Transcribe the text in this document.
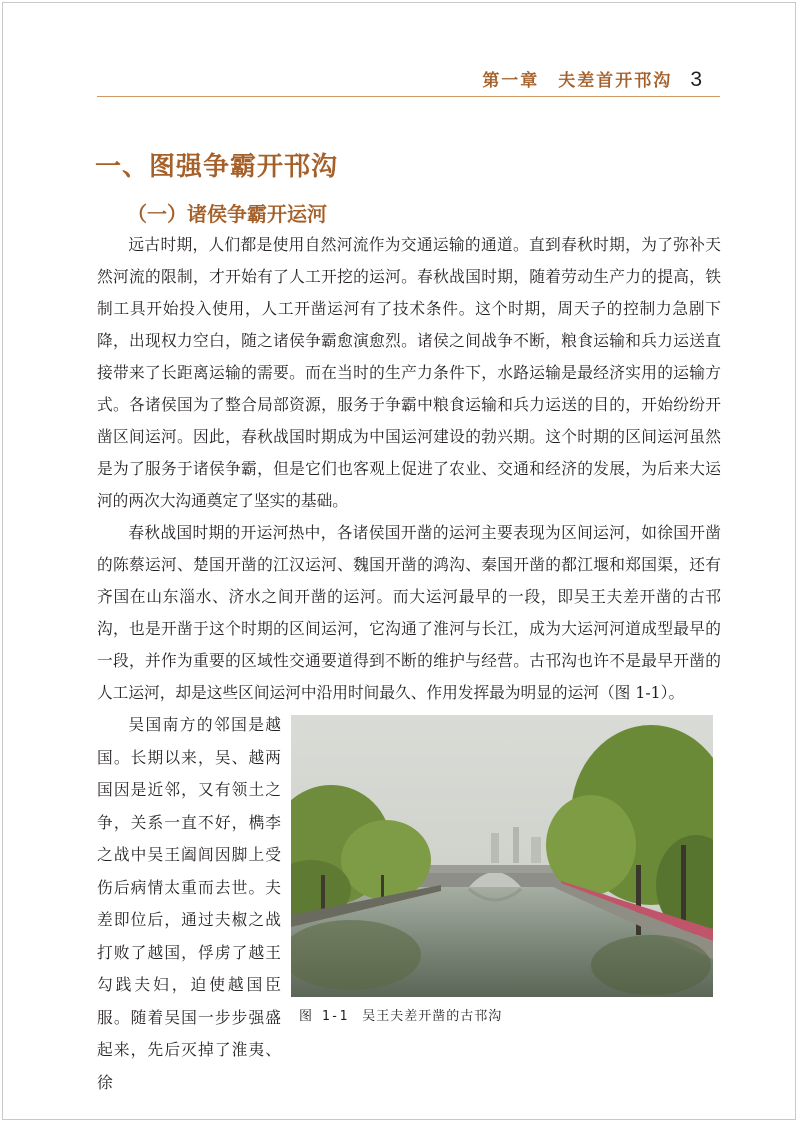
第一章　夫差首开邗沟 3
一、图强争霸开邗沟
（一）诸侯争霸开运河

远古时期，人们都是使用自然河流作为交通运输的通道。直到春秋时期，为了弥补天然河流的限制，才开始有了人工开挖的运河。春秋战国时期，随着劳动生产力的提高，铁制工具开始投入使用，人工开凿运河有了技术条件。这个时期，周天子的控制力急剧下降，出现权力空白，随之诸侯争霸愈演愈烈。诸侯之间战争不断，粮食运输和兵力运送直接带来了长距离运输的需要。而在当时的生产力条件下，水路运输是最经济实用的运输方式。各诸侯国为了整合局部资源，服务于争霸中粮食运输和兵力运送的目的，开始纷纷开凿区间运河。因此，春秋战国时期成为中国运河建设的勃兴期。这个时期的区间运河虽然是为了服务于诸侯争霸，但是它们也客观上促进了农业、交通和经济的发展，为后来大运河的两次大沟通奠定了坚实的基础。

春秋战国时期的开运河热中，各诸侯国开凿的运河主要表现为区间运河，如徐国开凿的陈蔡运河、楚国开凿的江汉运河、魏国开凿的鸿沟、秦国开凿的都江堰和郑国渠，还有齐国在山东淄水、济水之间开凿的运河。而大运河最早的一段，即吴王夫差开凿的古邗沟，也是开凿于这个时期的区间运河，它沟通了淮河与长江，成为大运河河道成型最早的一段，并作为重要的区域性交通要道得到不断的维护与经营。古邗沟也许不是最早开凿的人工运河，却是这些区间运河中沿用时间最久、作用发挥最为明显的运河（图 1-1）。

吴国南方的邻国是越国。长期以来，吴、越两国因是近邻，又有领土之争，关系一直不好，檇李之战中吴王阖闾因脚上受伤后病情太重而去世。夫差即位后，通过夫椒之战打败了越国，俘虏了越王勾践夫妇，迫使越国臣服。随着吴国一步步强盛起来，先后灭掉了淮夷、徐

图 1-1　吴王夫差开凿的古邗沟
